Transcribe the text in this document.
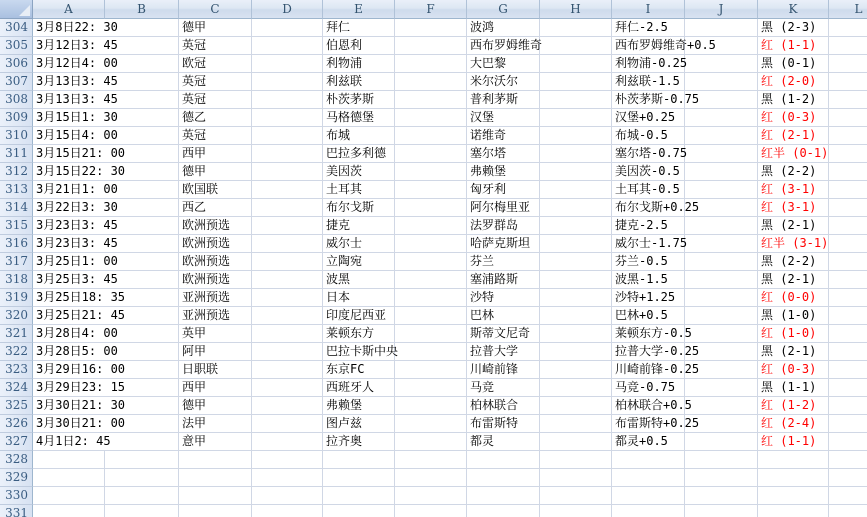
A	B	C	D	E	F	G	H	I	J	K	L
304 3月8日22: 30	德甲	拜仁	波鸿	拜仁-2.5	黑 (2-3)
305 3月12日3: 45	英冠	伯恩利	西布罗姆维奇	西布罗姆维奇+0.5	红 (1-1)
306 3月12日4: 00	欧冠	利物浦	大巴黎	利物浦-0.25	黑 (0-1)
307 3月13日3: 45	英冠	利兹联	米尔沃尔	利兹联-1.5	红 (2-0)
308 3月13日3: 45	英冠	朴茨茅斯	普利茅斯	朴茨茅斯-0.75	黑 (1-2)
309 3月15日1: 30	德乙	马格德堡	汉堡	汉堡+0.25	红 (0-3)
310 3月15日4: 00	英冠	布城	诺维奇	布城-0.5	红 (2-1)
311 3月15日21: 00	西甲	巴拉多利德	塞尔塔	塞尔塔-0.75	红半 (0-1)
312 3月15日22: 30	德甲	美因茨	弗赖堡	美因茨-0.5	黑 (2-2)
313 3月21日1: 00	欧国联	土耳其	匈牙利	土耳其-0.5	红 (3-1)
314 3月22日3: 30	西乙	布尔戈斯	阿尔梅里亚	布尔戈斯+0.25	红 (3-1)
315 3月23日3: 45	欧洲预选	捷克	法罗群岛	捷克-2.5	黑 (2-1)
316 3月23日3: 45	欧洲预选	威尔士	哈萨克斯坦	威尔士-1.75	红半 (3-1)
317 3月25日1: 00	欧洲预选	立陶宛	芬兰	芬兰-0.5	黑 (2-2)
318 3月25日3: 45	欧洲预选	波黑	塞浦路斯	波黑-1.5	黑 (2-1)
319 3月25日18: 35	亚洲预选	日本	沙特	沙特+1.25	红 (0-0)
320 3月25日21: 45	亚洲预选	印度尼西亚	巴林	巴林+0.5	黑 (1-0)
321 3月28日4: 00	英甲	莱顿东方	斯蒂文尼奇	莱顿东方-0.5	红 (1-0)
322 3月28日5: 00	阿甲	巴拉卡斯中央	拉普大学	拉普大学-0.25	黑 (2-1)
323 3月29日16: 00	日职联	东京FC	川崎前锋	川崎前锋-0.25	红 (0-3)
324 3月29日23: 15	西甲	西班牙人	马竞	马竞-0.75	黑 (1-1)
325 3月30日21: 30	德甲	弗赖堡	柏林联合	柏林联合+0.5	红 (1-2)
326 3月30日21: 00	法甲	图卢兹	布雷斯特	布雷斯特+0.25	红 (2-4)
327 4月1日2: 45	意甲	拉齐奥	都灵	都灵+0.5	红 (1-1)
328
329
330
331
